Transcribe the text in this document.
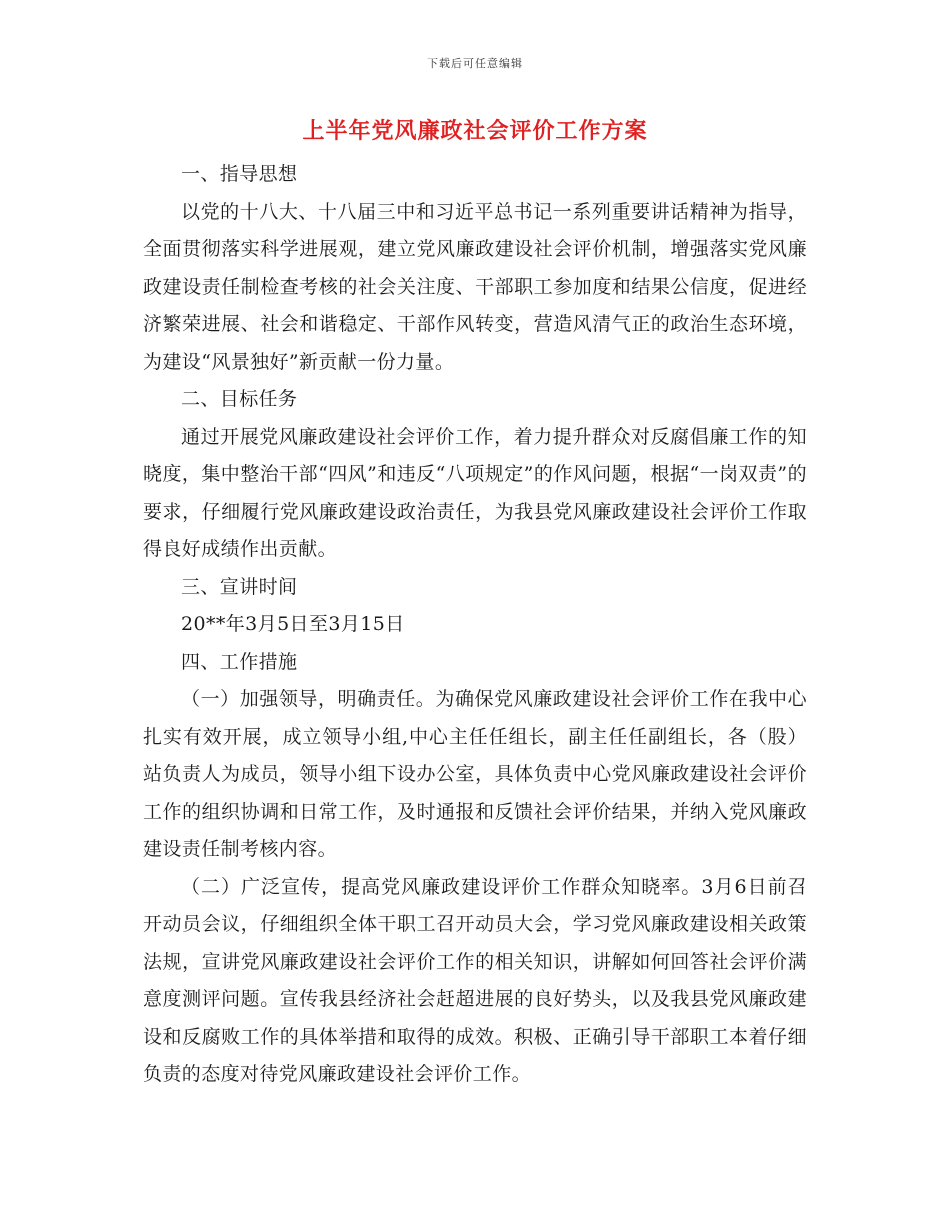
下载后可任意编辑
上半年党风廉政社会评价工作方案

一、指导思想

以党的十八大、十八届三中和习近平总书记一系列重要讲话精神为指导，全面贯彻落实科学进展观，建立党风廉政建设社会评价机制，增强落实党风廉政建设责任制检查考核的社会关注度、干部职工参加度和结果公信度，促进经济繁荣进展、社会和谐稳定、干部作风转变，营造风清气正的政治生态环境，为建设“风景独好”新贡献一份力量。

二、目标任务

通过开展党风廉政建设社会评价工作，着力提升群众对反腐倡廉工作的知晓度，集中整治干部“四风”和违反“八项规定”的作风问题，根据“一岗双责”的要求，仔细履行党风廉政建设政治责任，为我县党风廉政建设社会评价工作取得良好成绩作出贡献。

三、宣讲时间

20**年3月5日至3月15日

四、工作措施

（一）加强领导，明确责任。为确保党风廉政建设社会评价工作在我中心扎实有效开展，成立领导小组,中心主任任组长，副主任任副组长，各（股）站负责人为成员，领导小组下设办公室，具体负责中心党风廉政建设社会评价工作的组织协调和日常工作，及时通报和反馈社会评价结果，并纳入党风廉政建设责任制考核内容。

（二）广泛宣传，提高党风廉政建设评价工作群众知晓率。3月6日前召开动员会议，仔细组织全体干职工召开动员大会，学习党风廉政建设相关政策法规，宣讲党风廉政建设社会评价工作的相关知识，讲解如何回答社会评价满意度测评问题。宣传我县经济社会赶超进展的良好势头，以及我县党风廉政建设和反腐败工作的具体举措和取得的成效。积极、正确引导干部职工本着仔细负责的态度对待党风廉政建设社会评价工作。
